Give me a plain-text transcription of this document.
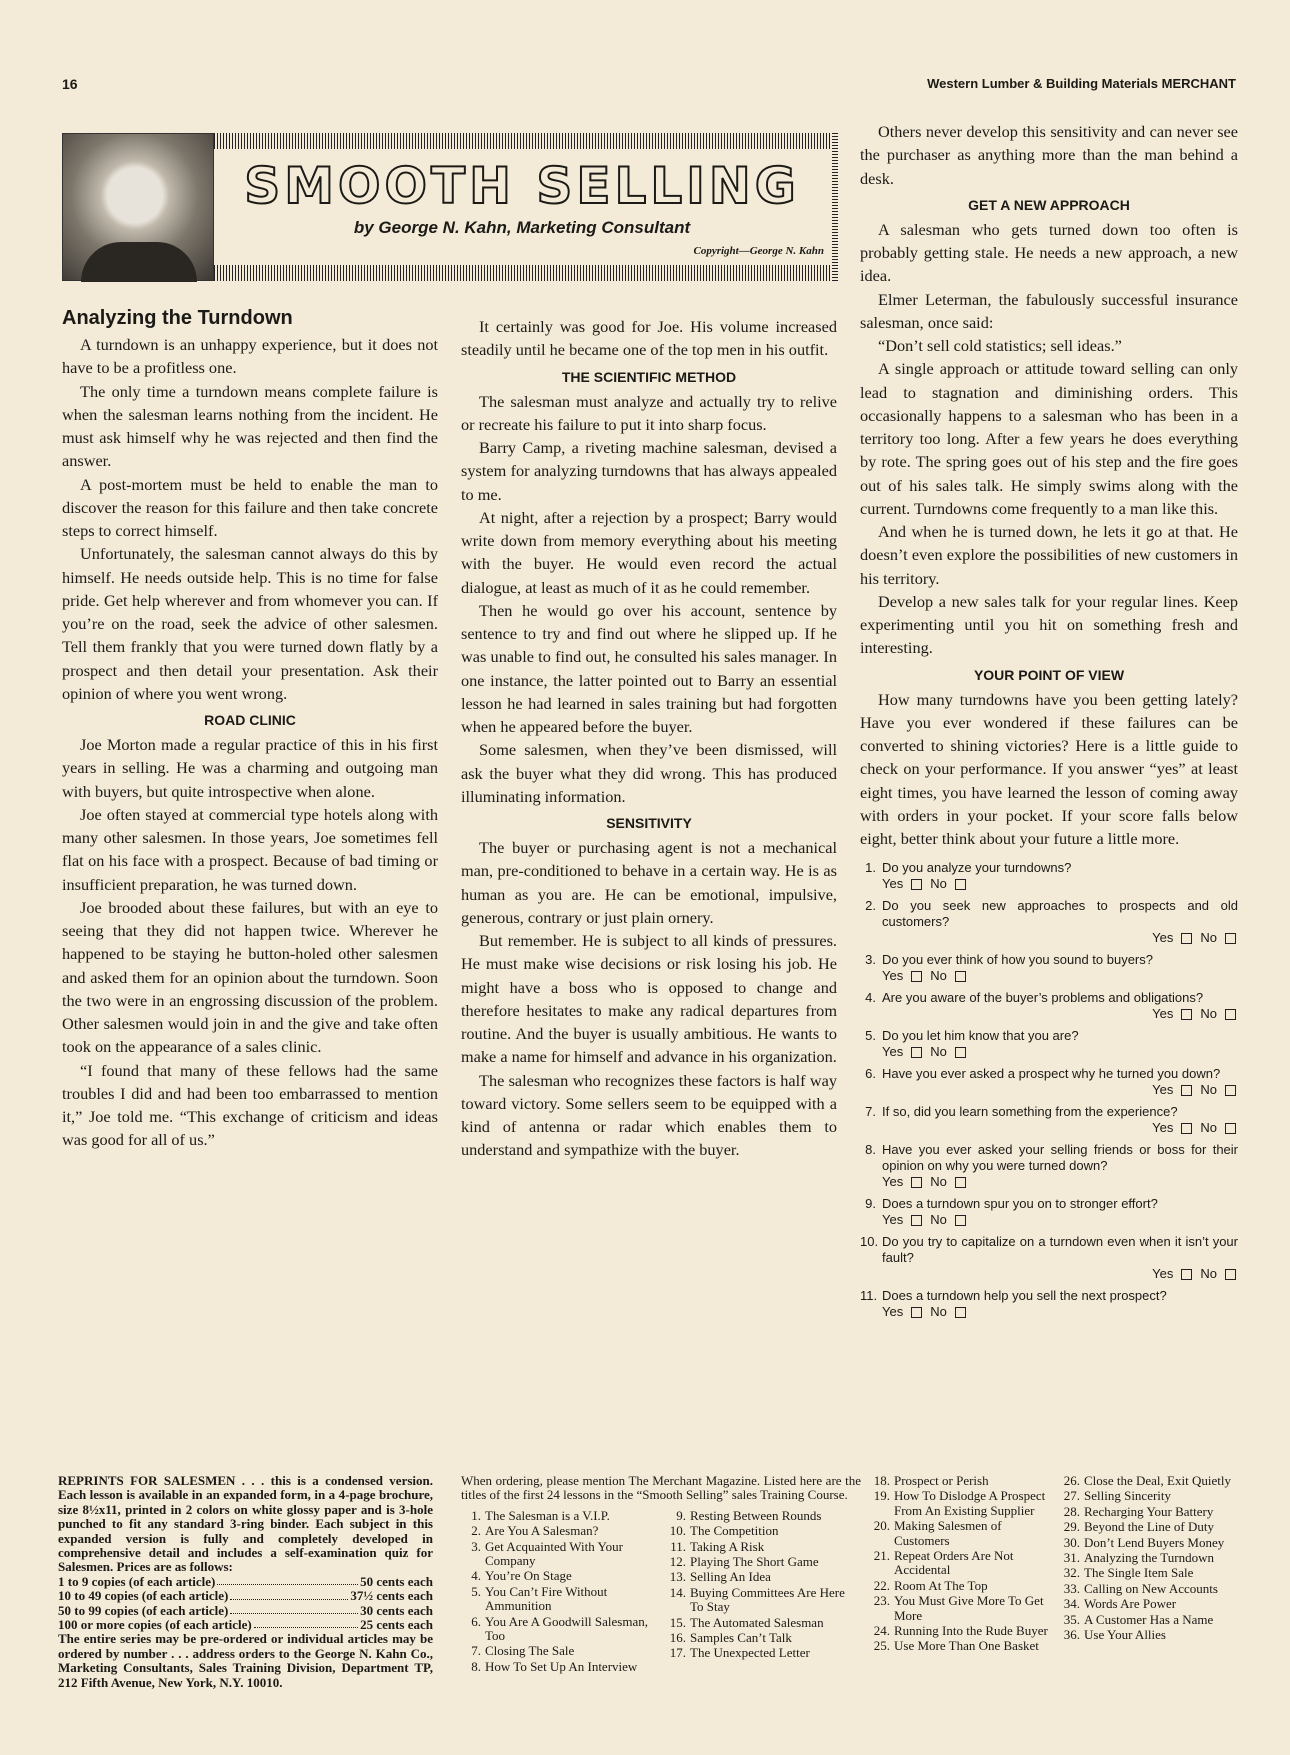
16	Western Lumber & Building Materials MERCHANT
SMOOTH SELLING
by George N. Kahn, Marketing Consultant
Copyright—George N. Kahn
Analyzing the Turndown

A turndown is an unhappy experience, but it does not have to be a profitless one.

The only time a turndown means complete failure is when the salesman learns nothing from the incident. He must ask himself why he was rejected and then find the answer.

A post-mortem must be held to enable the man to discover the reason for this failure and then take concrete steps to correct himself.

Unfortunately, the salesman cannot always do this by himself. He needs outside help. This is no time for false pride. Get help wherever and from whomever you can. If you’re on the road, seek the advice of other salesmen. Tell them frankly that you were turned down flatly by a prospect and then detail your presentation. Ask their opinion of where you went wrong.

ROAD CLINIC

Joe Morton made a regular practice of this in his first years in selling. He was a charming and outgoing man with buyers, but quite introspective when alone.

Joe often stayed at commercial type hotels along with many other salesmen. In those years, Joe sometimes fell flat on his face with a prospect. Because of bad timing or insufficient preparation, he was turned down.

Joe brooded about these failures, but with an eye to seeing that they did not happen twice. Wherever he happened to be staying he button-holed other salesmen and asked them for an opinion about the turndown. Soon the two were in an engrossing discussion of the problem. Other salesmen would join in and the give and take often took on the appearance of a sales clinic.

“I found that many of these fellows had the same troubles I did and had been too embarrassed to mention it,” Joe told me. “This exchange of criticism and ideas was good for all of us.”

It certainly was good for Joe. His volume increased steadily until he became one of the top men in his outfit.

THE SCIENTIFIC METHOD

The salesman must analyze and actually try to relive or recreate his failure to put it into sharp focus.

Barry Camp, a riveting machine salesman, devised a system for analyzing turndowns that has always appealed to me.

At night, after a rejection by a prospect; Barry would write down from memory everything about his meeting with the buyer. He would even record the actual dialogue, at least as much of it as he could remember.

Then he would go over his account, sentence by sentence to try and find out where he slipped up. If he was unable to find out, he consulted his sales manager. In one instance, the latter pointed out to Barry an essential lesson he had learned in sales training but had forgotten when he appeared before the buyer.

Some salesmen, when they’ve been dismissed, will ask the buyer what they did wrong. This has produced illuminating information.

SENSITIVITY

The buyer or purchasing agent is not a mechanical man, pre-conditioned to behave in a certain way. He is as human as you are. He can be emotional, impulsive, generous, contrary or just plain ornery.

But remember. He is subject to all kinds of pressures. He must make wise decisions or risk losing his job. He might have a boss who is opposed to change and therefore hesitates to make any radical departures from routine. And the buyer is usually ambitious. He wants to make a name for himself and advance in his organization.

The salesman who recognizes these factors is half way toward victory. Some sellers seem to be equipped with a kind of antenna or radar which enables them to understand and sympathize with the buyer.

Others never develop this sensitivity and can never see the purchaser as anything more than the man behind a desk.

GET A NEW APPROACH

A salesman who gets turned down too often is probably getting stale. He needs a new approach, a new idea.

Elmer Leterman, the fabulously successful insurance salesman, once said:

“Don’t sell cold statistics; sell ideas.”

A single approach or attitude toward selling can only lead to stagnation and diminishing orders. This occasionally happens to a salesman who has been in a territory too long. After a few years he does everything by rote. The spring goes out of his step and the fire goes out of his sales talk. He simply swims along with the current. Turndowns come frequently to a man like this.

And when he is turned down, he lets it go at that. He doesn’t even explore the possibilities of new customers in his territory.

Develop a new sales talk for your regular lines. Keep experimenting until you hit on something fresh and interesting.

YOUR POINT OF VIEW

How many turndowns have you been getting lately? Have you ever wondered if these failures can be converted to shining victories? Here is a little guide to check on your performance. If you answer “yes” at least eight times, you have learned the lesson of coming away with orders in your pocket. If your score falls below eight, better think about your future a little more.

1. Do you analyze your turndowns?
Yes No
2. Do you seek new approaches to prospects and old customers?
Yes No
3. Do you ever think of how you sound to buyers?
Yes No
4. Are you aware of the buyer’s problems and obligations?
Yes No
5. Do you let him know that you are?
Yes No
6. Have you ever asked a prospect why he turned you down?
Yes No
7. If so, did you learn something from the experience?
Yes No
8. Have you ever asked your selling friends or boss for their opinion on why you were turned down?
Yes No
9. Does a turndown spur you on to stronger effort?
Yes No
10. Do you try to capitalize on a turndown even when it isn’t your fault?
Yes No
11. Does a turndown help you sell the next prospect?
Yes No
REPRINTS FOR SALESMEN . . . this is a condensed version. Each lesson is available in an expanded form, in a 4-page brochure, size 8½x11, printed in 2 colors on white glossy paper and is 3-hole punched to fit any standard 3-ring binder. Each subject in this expanded version is fully and completely developed in comprehensive detail and includes a self-examination quiz for Salesmen. Prices are as follows:
1 to 9 copies (of each article)	50 cents each
10 to 49 copies (of each article)	37½ cents each
50 to 99 copies (of each article)	30 cents each
100 or more copies (of each article)	25 cents each
The entire series may be pre-ordered or individual articles may be ordered by number . . . address orders to the George N. Kahn Co., Marketing Consultants, Sales Training Division, Department TP, 212 Fifth Avenue, New York, N.Y. 10010.
When ordering, please mention The Merchant Magazine. Listed here are the titles of the first 24 lessons in the “Smooth Selling” sales Training Course.
1. The Salesman is a V.I.P.
2. Are You A Salesman?
3. Get Acquainted With Your Company
4. You’re On Stage
5. You Can’t Fire Without Ammunition
6. You Are A Goodwill Salesman, Too
7. Closing The Sale
8. How To Set Up An Interview
9. Resting Between Rounds
10. The Competition
11. Taking A Risk
12. Playing The Short Game
13. Selling An Idea
14. Buying Committees Are Here To Stay
15. The Automated Salesman
16. Samples Can’t Talk
17. The Unexpected Letter
18. Prospect or Perish
19. How To Dislodge A Prospect From An Existing Supplier
20. Making Salesmen of Customers
21. Repeat Orders Are Not Accidental
22. Room At The Top
23. You Must Give More To Get More
24. Running Into the Rude Buyer
25. Use More Than One Basket
26. Close the Deal, Exit Quietly
27. Selling Sincerity
28. Recharging Your Battery
29. Beyond the Line of Duty
30. Don’t Lend Buyers Money
31. Analyzing the Turndown
32. The Single Item Sale
33. Calling on New Accounts
34. Words Are Power
35. A Customer Has a Name
36. Use Your Allies
